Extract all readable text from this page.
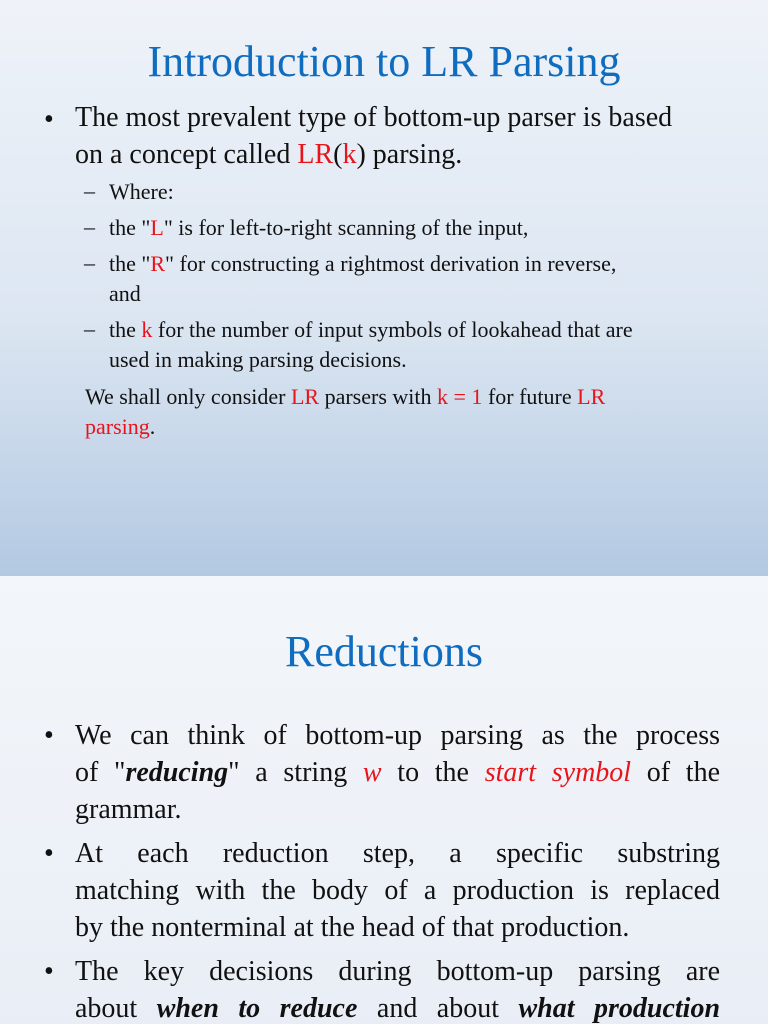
Introduction to LR Parsing
• The most prevalent type of bottom-up parser is based
on a concept called LR(k) parsing.
– Where:
– the "L" is for left-to-right scanning of the input,
– the "R" for constructing a rightmost derivation in reverse,
and
– the k for the number of input symbols of lookahead that are
used in making parsing decisions.
We shall only consider LR parsers with k = 1 for future LR
parsing.
Reductions
• We can think of bottom-up parsing as the process
of "reducing" a string w to the start symbol of the
grammar.
• At each reduction step, a specific substring
matching with the body of a production is replaced
by the nonterminal at the head of that production.
• The key decisions during bottom-up parsing are
about when to reduce and about what production
